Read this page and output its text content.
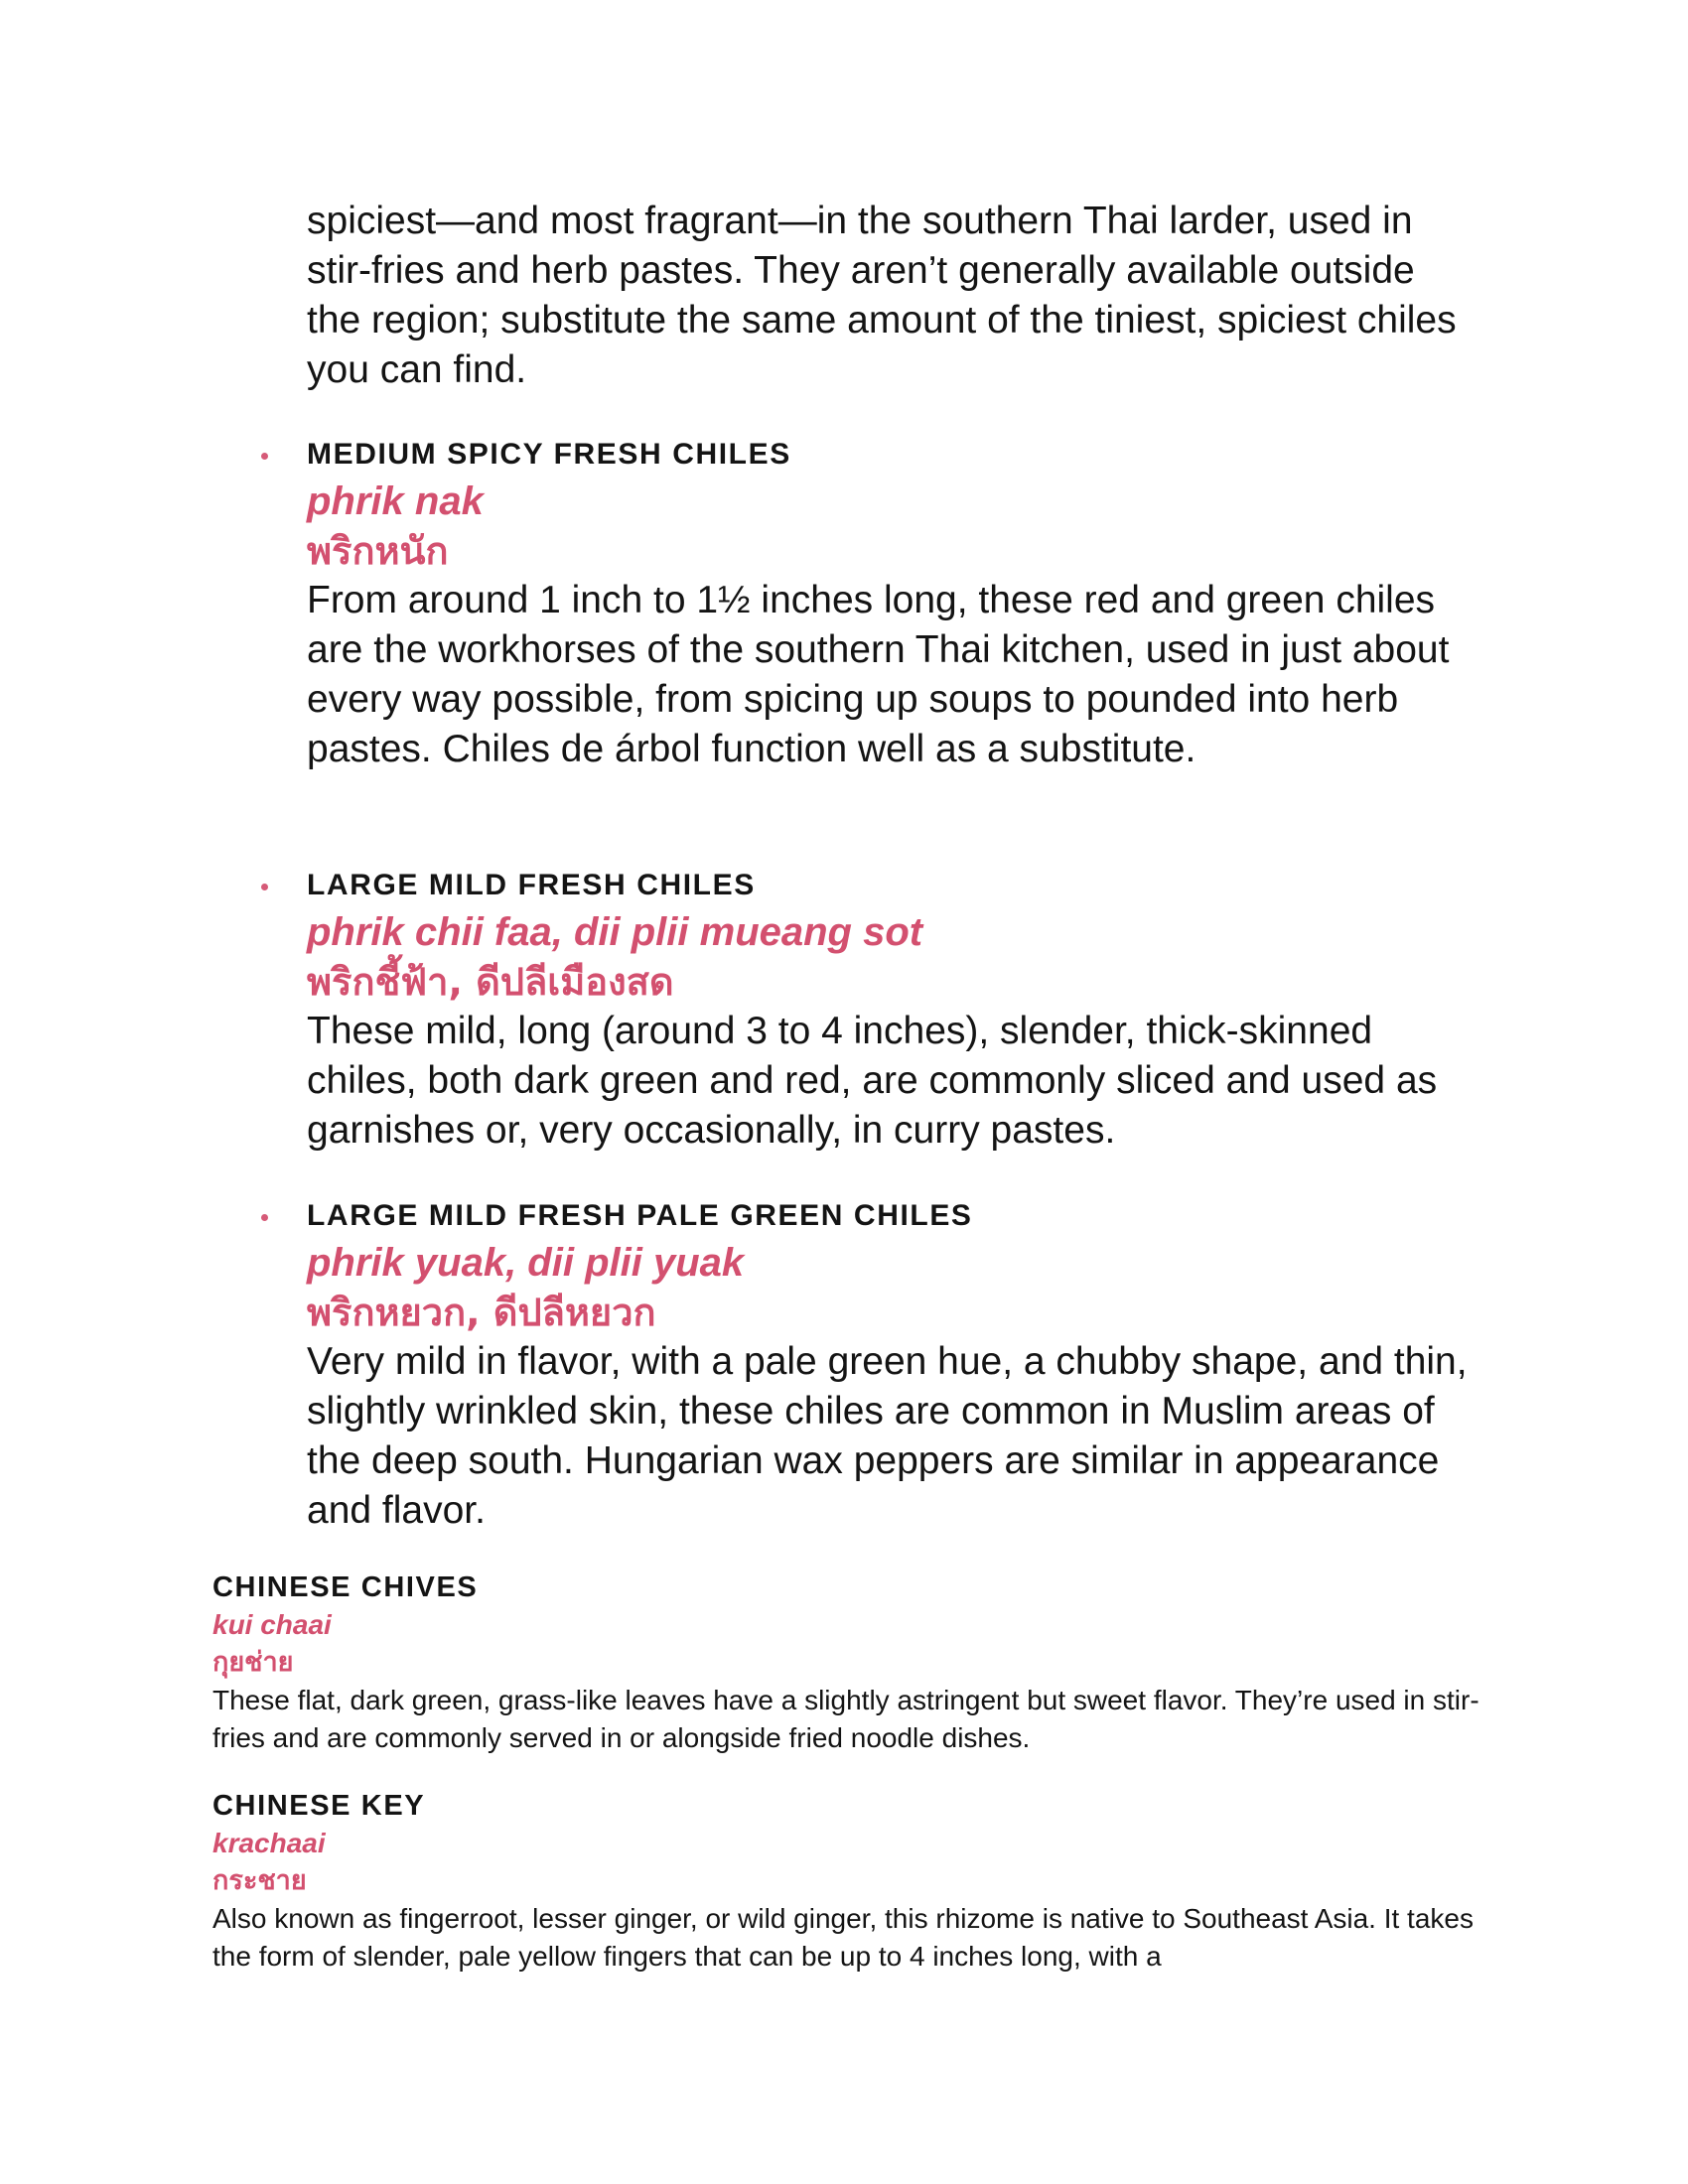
spiciest—and most fragrant—in the southern Thai larder, used in stir-fries and herb pastes. They aren’t generally available outside the region; substitute the same amount of the tiniest, spiciest chiles you can find.

MEDIUM SPICY FRESH CHILES
phrik nak
พริกหนัก

From around 1 inch to 1½ inches long, these red and green chiles are the workhorses of the southern Thai kitchen, used in just about every way possible, from spicing up soups to pounded into herb pastes. Chiles de árbol function well as a substitute.

LARGE MILD FRESH CHILES
phrik chii faa, dii plii mueang sot
พริกชี้ฟ้า, ดีปลีเมืองสด

These mild, long (around 3 to 4 inches), slender, thick-skinned chiles, both dark green and red, are commonly sliced and used as garnishes or, very occasionally, in curry pastes.

LARGE MILD FRESH PALE GREEN CHILES
phrik yuak, dii plii yuak
พริกหยวก, ดีปลีหยวก

Very mild in flavor, with a pale green hue, a chubby shape, and thin, slightly wrinkled skin, these chiles are common in Muslim areas of the deep south. Hungarian wax peppers are similar in appearance and flavor.

CHINESE CHIVES
kui chaai
กุยช่าย

These flat, dark green, grass-like leaves have a slightly astringent but sweet flavor. They’re used in stir-fries and are commonly served in or alongside fried noodle dishes.

CHINESE KEY
krachaai
กระชาย

Also known as fingerroot, lesser ginger, or wild ginger, this rhizome is native to Southeast Asia. It takes the form of slender, pale yellow fingers that can be up to 4 inches long, with a
